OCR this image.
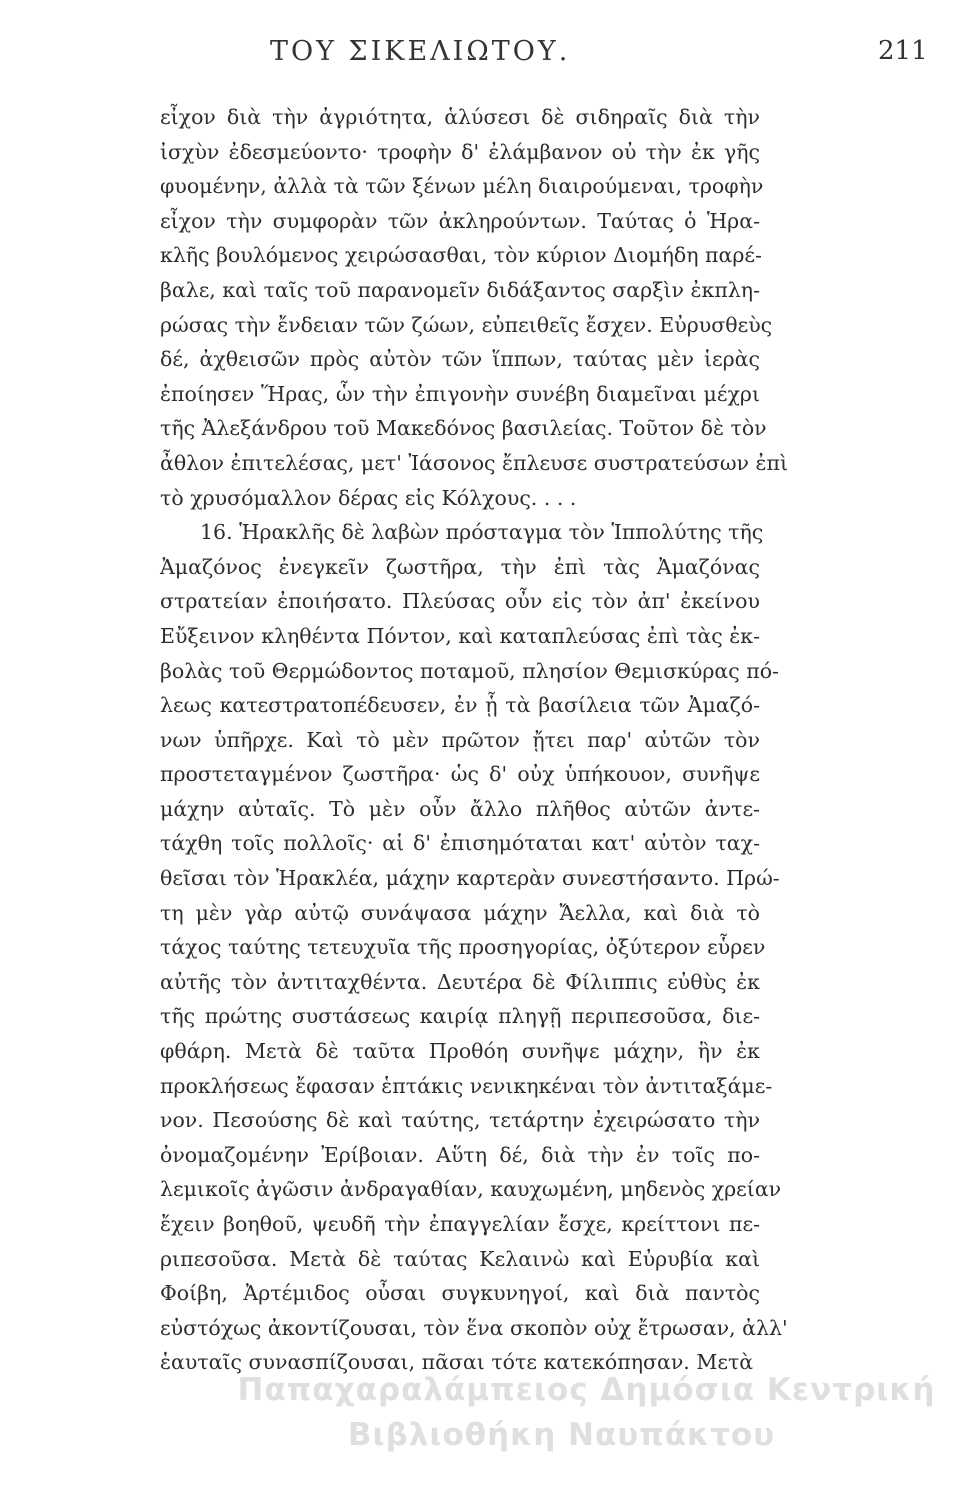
ΤΟΥ ΣΙΚΕΛΙΩΤΟΥ.	211
εἶχον διὰ τὴν ἀγριότητα, ἁλύσεσι δὲ σιδηραῖς διὰ τὴν
ἰσχὺν ἐδεσμεύοντο· τροφὴν δ' ἐλάμβανον οὐ τὴν ἐκ γῆς
φυομένην, ἀλλὰ τὰ τῶν ξένων μέλη διαιρούμεναι, τροφὴν
εἶχον τὴν συμφορὰν τῶν ἀκληρούντων. Ταύτας ὁ Ἡρα-
κλῆς βουλόμενος χειρώσασθαι, τὸν κύριον Διομήδη παρέ-
βαλε, καὶ ταῖς τοῦ παρανομεῖν διδάξαντος σαρξὶν ἐκπλη-
ρώσας τὴν ἔνδειαν τῶν ζώων, εὐπειθεῖς ἔσχεν. Εὐρυσθεὺς
δέ, ἀχθεισῶν πρὸς αὐτὸν τῶν ἵππων, ταύτας μὲν ἱερὰς
ἐποίησεν Ἥρας, ὧν τὴν ἐπιγονὴν συνέβη διαμεῖναι μέχρι
τῆς Ἀλεξάνδρου τοῦ Μακεδόνος βασιλείας. Τοῦτον δὲ τὸν
ἆθλον ἐπιτελέσας, μετ' Ἰάσονος ἔπλευσε συστρατεύσων ἐπὶ
τὸ χρυσόμαλλον δέρας εἰς Κόλχους. . . .
16. Ἡρακλῆς δὲ λαβὼν πρόσταγμα τὸν Ἱππολύτης τῆς
Ἀμαζόνος ἐνεγκεῖν ζωστῆρα, τὴν ἐπὶ τὰς Ἀμαζόνας
στρατείαν ἐποιήσατο. Πλεύσας οὖν εἰς τὸν ἀπ' ἐκείνου
Εὔξεινον κληθέντα Πόντον, καὶ καταπλεύσας ἐπὶ τὰς ἐκ-
βολὰς τοῦ Θερμώδοντος ποταμοῦ, πλησίον Θεμισκύρας πό-
λεως κατεστρατοπέδευσεν, ἐν ᾗ τὰ βασίλεια τῶν Ἀμαζό-
νων ὑπῆρχε. Καὶ τὸ μὲν πρῶτον ᾔτει παρ' αὐτῶν τὸν
προστεταγμένον ζωστῆρα· ὡς δ' οὐχ ὑπήκουον, συνῆψε
μάχην αὐταῖς. Τὸ μὲν οὖν ἄλλο πλῆθος αὐτῶν ἀντε-
τάχθη τοῖς πολλοῖς· αἱ δ' ἐπισημόταται κατ' αὐτὸν ταχ-
θεῖσαι τὸν Ἡρακλέα, μάχην καρτερὰν συνεστήσαντο. Πρώ-
τη μὲν γὰρ αὐτῷ συνάψασα μάχην Ἄελλα, καὶ διὰ τὸ
τάχος ταύτης τετευχυῖα τῆς προσηγορίας, ὀξύτερον εὗρεν
αὐτῆς τὸν ἀντιταχθέντα. Δευτέρα δὲ Φίλιππις εὐθὺς ἐκ
τῆς πρώτης συστάσεως καιρίᾳ πληγῇ περιπεσοῦσα, διε-
φθάρη. Μετὰ δὲ ταῦτα Προθόη συνῆψε μάχην, ἣν ἐκ
προκλήσεως ἔφασαν ἑπτάκις νενικηκέναι τὸν ἀντιταξάμε-
νον. Πεσούσης δὲ καὶ ταύτης, τετάρτην ἐχειρώσατο τὴν
ὀνομαζομένην Ἐρίβοιαν. Αὕτη δέ, διὰ τὴν ἐν τοῖς πο-
λεμικοῖς ἀγῶσιν ἀνδραγαθίαν, καυχωμένη, μηδενὸς χρείαν
ἔχειν βοηθοῦ, ψευδῆ τὴν ἐπαγγελίαν ἔσχε, κρείττονι πε-
ριπεσοῦσα. Μετὰ δὲ ταύτας Κελαινὼ καὶ Εὐρυβία καὶ
Φοίβη, Ἀρτέμιδος οὖσαι συγκυνηγοί, καὶ διὰ παντὸς
εὐστόχως ἀκοντίζουσαι, τὸν ἕνα σκοπὸν οὐχ ἔτρωσαν, ἀλλ'
ἑαυταῖς συνασπίζουσαι, πᾶσαι τότε κατεκόπησαν. Μετὰ
Παπαχαραλάμπειος Δημόσια Κεντρική
Βιβλιοθήκη Ναυπάκτου
